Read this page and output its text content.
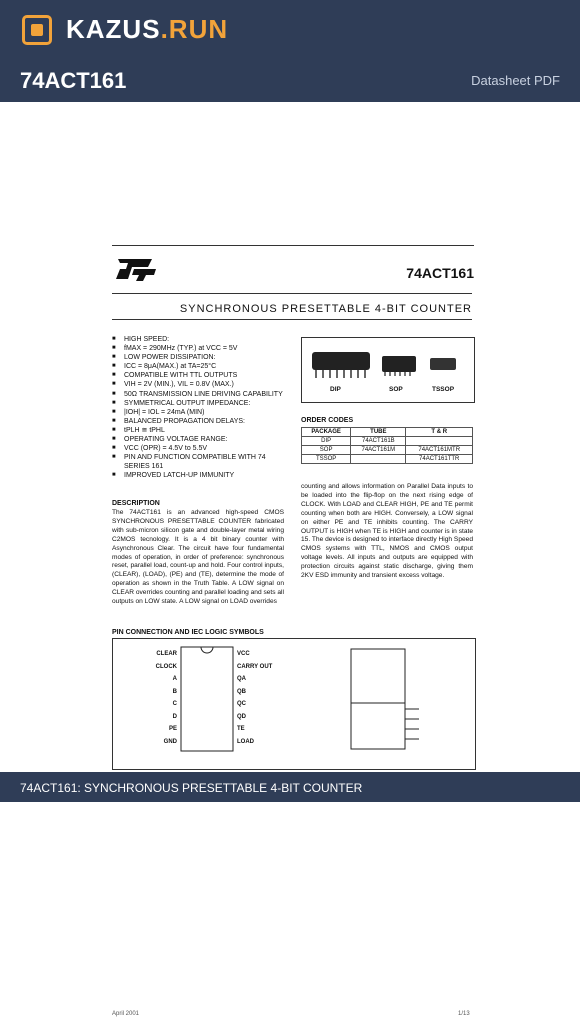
KAZUS.RUN
74ACT161	Datasheet PDF
74ACT161
SYNCHRONOUS PRESETTABLE 4-BIT COUNTER
■ HIGH SPEED:
■ fMAX = 290MHz (TYP.) at VCC = 5V
■ LOW POWER DISSIPATION:
■ ICC = 8μA(MAX.) at TA=25°C
■ COMPATIBLE WITH TTL OUTPUTS
■ VIH = 2V (MIN.), VIL = 0.8V (MAX.)
■ 50Ω TRANSMISSION LINE DRIVING CAPABILITY
■ SYMMETRICAL OUTPUT IMPEDANCE:
■ |IOH| = IOL = 24mA (MIN)
■ BALANCED PROPAGATION DELAYS:
■ tPLH ≅ tPHL
■ OPERATING VOLTAGE RANGE:
■ VCC (OPR) = 4.5V to 5.5V
■ PIN AND FUNCTION COMPATIBLE WITH 74 SERIES 161
■ IMPROVED LATCH-UP IMMUNITY
DESCRIPTION
The 74ACT161 is an advanced high-speed CMOS SYNCHRONOUS PRESETTABLE COUNTER fabricated with sub-micron silicon gate and double-layer metal wiring C2MOS tecnology. It is a 4 bit binary counter with Asynchronous Clear. The circuit have four fundamental modes of operation, in order of preference: synchronous reset, parallel load, count-up and hold. Four control inputs, (CLEAR), (LOAD), (PE) and (TE), determine the mode of operation as shown in the Truth Table. A LOW signal on CLEAR overrides counting and parallel loading and sets all outputs on LOW state. A LOW signal on LOAD overrides
DIP	SOP	TSSOP
ORDER CODES
PACKAGE	TUBE	T & R
DIP	74ACT161B	
SOP	74ACT161M	74ACT161MTR
TSSOP		74ACT161TTR
counting and allows information on Parallel Data inputs to be loaded into the flip-flop on the next rising edge of CLOCK. With LOAD and CLEAR HIGH, PE and TE permit counting when both are HIGH. Conversely, a LOW signal on either PE and TE inhibits counting. The CARRY OUTPUT is HIGH when TE is HIGH and counter is in state 15. The device is designed to interface directly High Speed CMOS systems with TTL, NMOS and CMOS output voltage levels. All inputs and outputs are equipped with protection circuits against static discharge, giving them 2KV ESD immunity and transient excess voltage.
PIN CONNECTION AND IEC LOGIC SYMBOLS
CLEAR
CLOCK
A
B
C
D
PE
GND
VCC
CARRY OUT
QA
QB
QC
QD
TE
LOAD
April 2001	1/13
74ACT161: SYNCHRONOUS PRESETTABLE 4-BIT COUNTER
